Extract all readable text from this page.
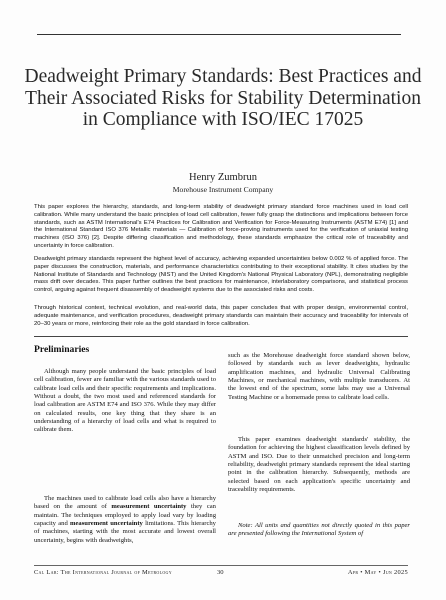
Deadweight Primary Standards: Best Practices and Their Associated Risks for Stability Determination in Compliance with ISO/IEC 17025
Henry Zumbrun
Morehouse Instrument Company

This paper explores the hierarchy, standards, and long-term stability of deadweight primary standard force machines used in load cell calibration. While many understand the basic principles of load cell calibration, fewer fully grasp the distinctions and implications between force standards, such as ASTM International's E74 Practices for Calibration and Verification for Force-Measuring Instruments (ASTM E74) [1] and the International Standard ISO 376 Metallic materials — Calibration of force-proving instruments used for the verification of uniaxial testing machines (ISO 376) [2]. Despite differing classification and methodology, these standards emphasize the critical role of traceability and uncertainty in force calibration.

Deadweight primary standards represent the highest level of accuracy, achieving expanded uncertainties below 0.002 % of applied force. The paper discusses the construction, materials, and performance characteristics contributing to their exceptional stability. It cites studies by the National Institute of Standards and Technology (NIST) and the United Kingdom's National Physical Laboratory (NPL), demonstrating negligible mass drift over decades. This paper further outlines the best practices for maintenance, interlaboratory comparisons, and statistical process control, arguing against frequent disassembly of deadweight systems due to the associated risks and costs.

Through historical context, technical evolution, and real-world data, this paper concludes that with proper design, environmental control, adequate maintenance, and verification procedures, deadweight primary standards can maintain their accuracy and traceability for intervals of 20–30 years or more, reinforcing their role as the gold standard in force calibration.

Preliminaries

Although many people understand the basic principles of load cell calibration, fewer are familiar with the various standards used to calibrate load cells and their specific requirements and implications. Without a doubt, the two most used and referenced standards for load calibration are ASTM E74 and ISO 376. While they may differ on calculated results, one key thing that they share is an understanding of a hierarchy of load cells and what is required to calibrate them.

The machines used to calibrate load cells also have a hierarchy based on the amount of measurement uncertainty they can maintain. The techniques employed to apply load vary by loading capacity and measurement uncertainty limitations. This hierarchy of machines, starting with the most accurate and lowest overall uncertainty, begins with deadweights,

such as the Morehouse deadweight force standard shown below, followed by standards such as lever deadweights, hydraulic amplification machines, and hydraulic Universal Calibrating Machines, or mechanical machines, with multiple transducers. At the lowest end of the spectrum, some labs may use a Universal Testing Machine or a homemade press to calibrate load cells.

This paper examines deadweight standards' stability, the foundation for achieving the highest classification levels defined by ASTM and ISO. Due to their unmatched precision and long-term reliability, deadweight primary standards represent the ideal starting point in the calibration hierarchy. Subsequently, methods are selected based on each application's specific uncertainty and traceability requirements.

Note: All units and quantities not directly quoted in this paper are presented following the International System of

Cal Lab: The International Journal of Metrology	30	Apr • May • Jun 2025
